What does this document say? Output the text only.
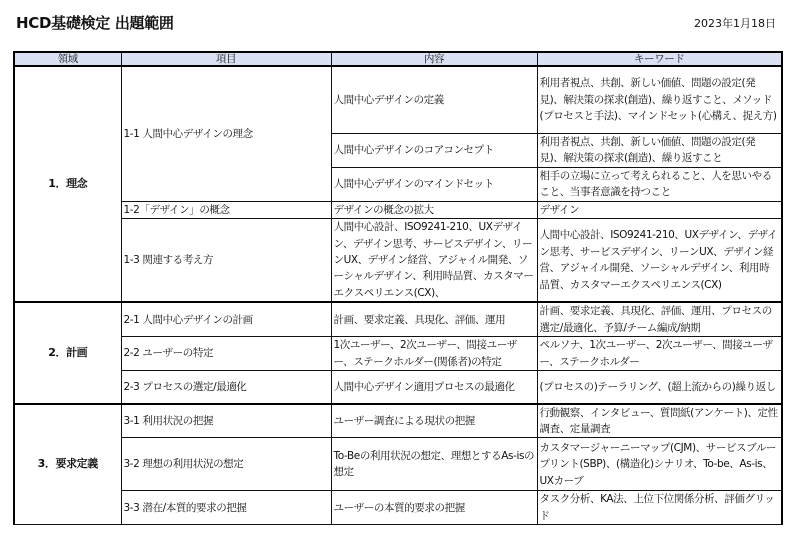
HCD基礎検定 出題範囲	2023年1月18日
領域	項目	内容	キーワード
1．理念	1-1 人間中心デザインの理念	人間中心デザインの定義	利用者視点、共創、新しい価値、問題の設定(発見)、解決策の探求(創造)、繰り返すこと、メソッド(プロセスと手法)、マインドセット(心構え、捉え方)
		人間中心デザインのコアコンセプト	利用者視点、共創、新しい価値、問題の設定(発見)、解決策の探求(創造)、繰り返すこと
		人間中心デザインのマインドセット	相手の立場に立って考えられること、人を思いやること、当事者意識を持つこと
	1-2「デザイン」の概念	デザインの概念の拡大	デザイン
	1-3 関連する考え方	人間中心設計、ISO9241-210、UXデザイン、デザイン思考、サービスデザイン、リーンUX、デザイン経営、アジャイル開発、ソーシャルデザイン、利用時品質、カスタマーエクスペリエンス(CX)、	人間中心設計、ISO9241-210、UXデザイン、デザイン思考、サービスデザイン、リーンUX、デザイン経営、アジャイル開発、ソーシャルデザイン、利用時品質、カスタマーエクスペリエンス(CX)
2．計画	2-1 人間中心デザインの計画	計画、要求定義、具現化、評価、運用	計画、要求定義、具現化、評価、運用、プロセスの選定/最適化、予算/チーム編成/納期
	2-2 ユーザーの特定	1次ユーザー、2次ユーザー、間接ユーザー、ステークホルダー(関係者)の特定	ペルソナ、1次ユーザー、2次ユーザー、間接ユーザー、ステークホルダー
	2-3 プロセスの選定/最適化	人間中心デザイン適用プロセスの最適化	(プロセスの)テーラリング、(超上流からの)繰り返し
3．要求定義	3-1 利用状況の把握	ユーザー調査による現状の把握	行動観察、インタビュー、質問紙(アンケート)、定性調査、定量調査
	3-2 理想の利用状況の想定	To-Beの利用状況の想定、理想とするAs-isの想定	カスタマージャーニーマップ(CJM)、サービスブループリント(SBP)、(構造化)シナリオ、To-be、As-is、UXカーブ
	3-3 潜在/本質的要求の把握	ユーザーの本質的要求の把握	タスク分析、KA法、上位下位関係分析、評価グリッド
